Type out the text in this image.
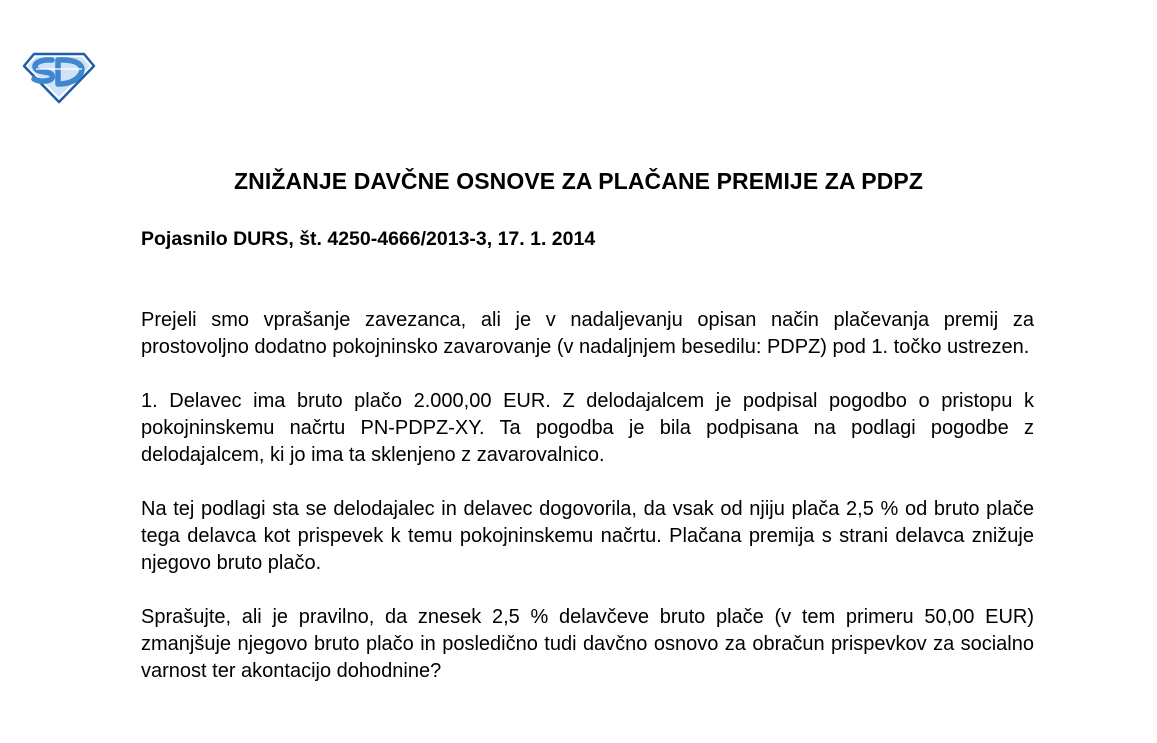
ZNIŽANJE DAVČNE OSNOVE ZA PLAČANE PREMIJE ZA PDPZ

Pojasnilo DURS, št. 4250-4666/2013-3, 17. 1. 2014

Prejeli smo vprašanje zavezanca, ali je v nadaljevanju opisan način plačevanja premij za prostovoljno dodatno pokojninsko zavarovanje (v nadaljnjem besedilu: PDPZ) pod 1. točko ustrezen.

1. Delavec ima bruto plačo 2.000,00 EUR. Z delodajalcem je podpisal pogodbo o pristopu k pokojninskemu načrtu PN-PDPZ-XY. Ta pogodba je bila podpisana na podlagi pogodbe z delodajalcem, ki jo ima ta sklenjeno z zavarovalnico.

Na tej podlagi sta se delodajalec in delavec dogovorila, da vsak od njiju plača 2,5 % od bruto plače tega delavca kot prispevek k temu pokojninskemu načrtu. Plačana premija s strani delavca znižuje njegovo bruto plačo.

Sprašujte, ali je pravilno, da znesek 2,5 % delavčeve bruto plače (v tem primeru 50,00 EUR) zmanjšuje njegovo bruto plačo in posledično tudi davčno osnovo za obračun prispevkov za socialno varnost ter akontacijo dohodnine?
